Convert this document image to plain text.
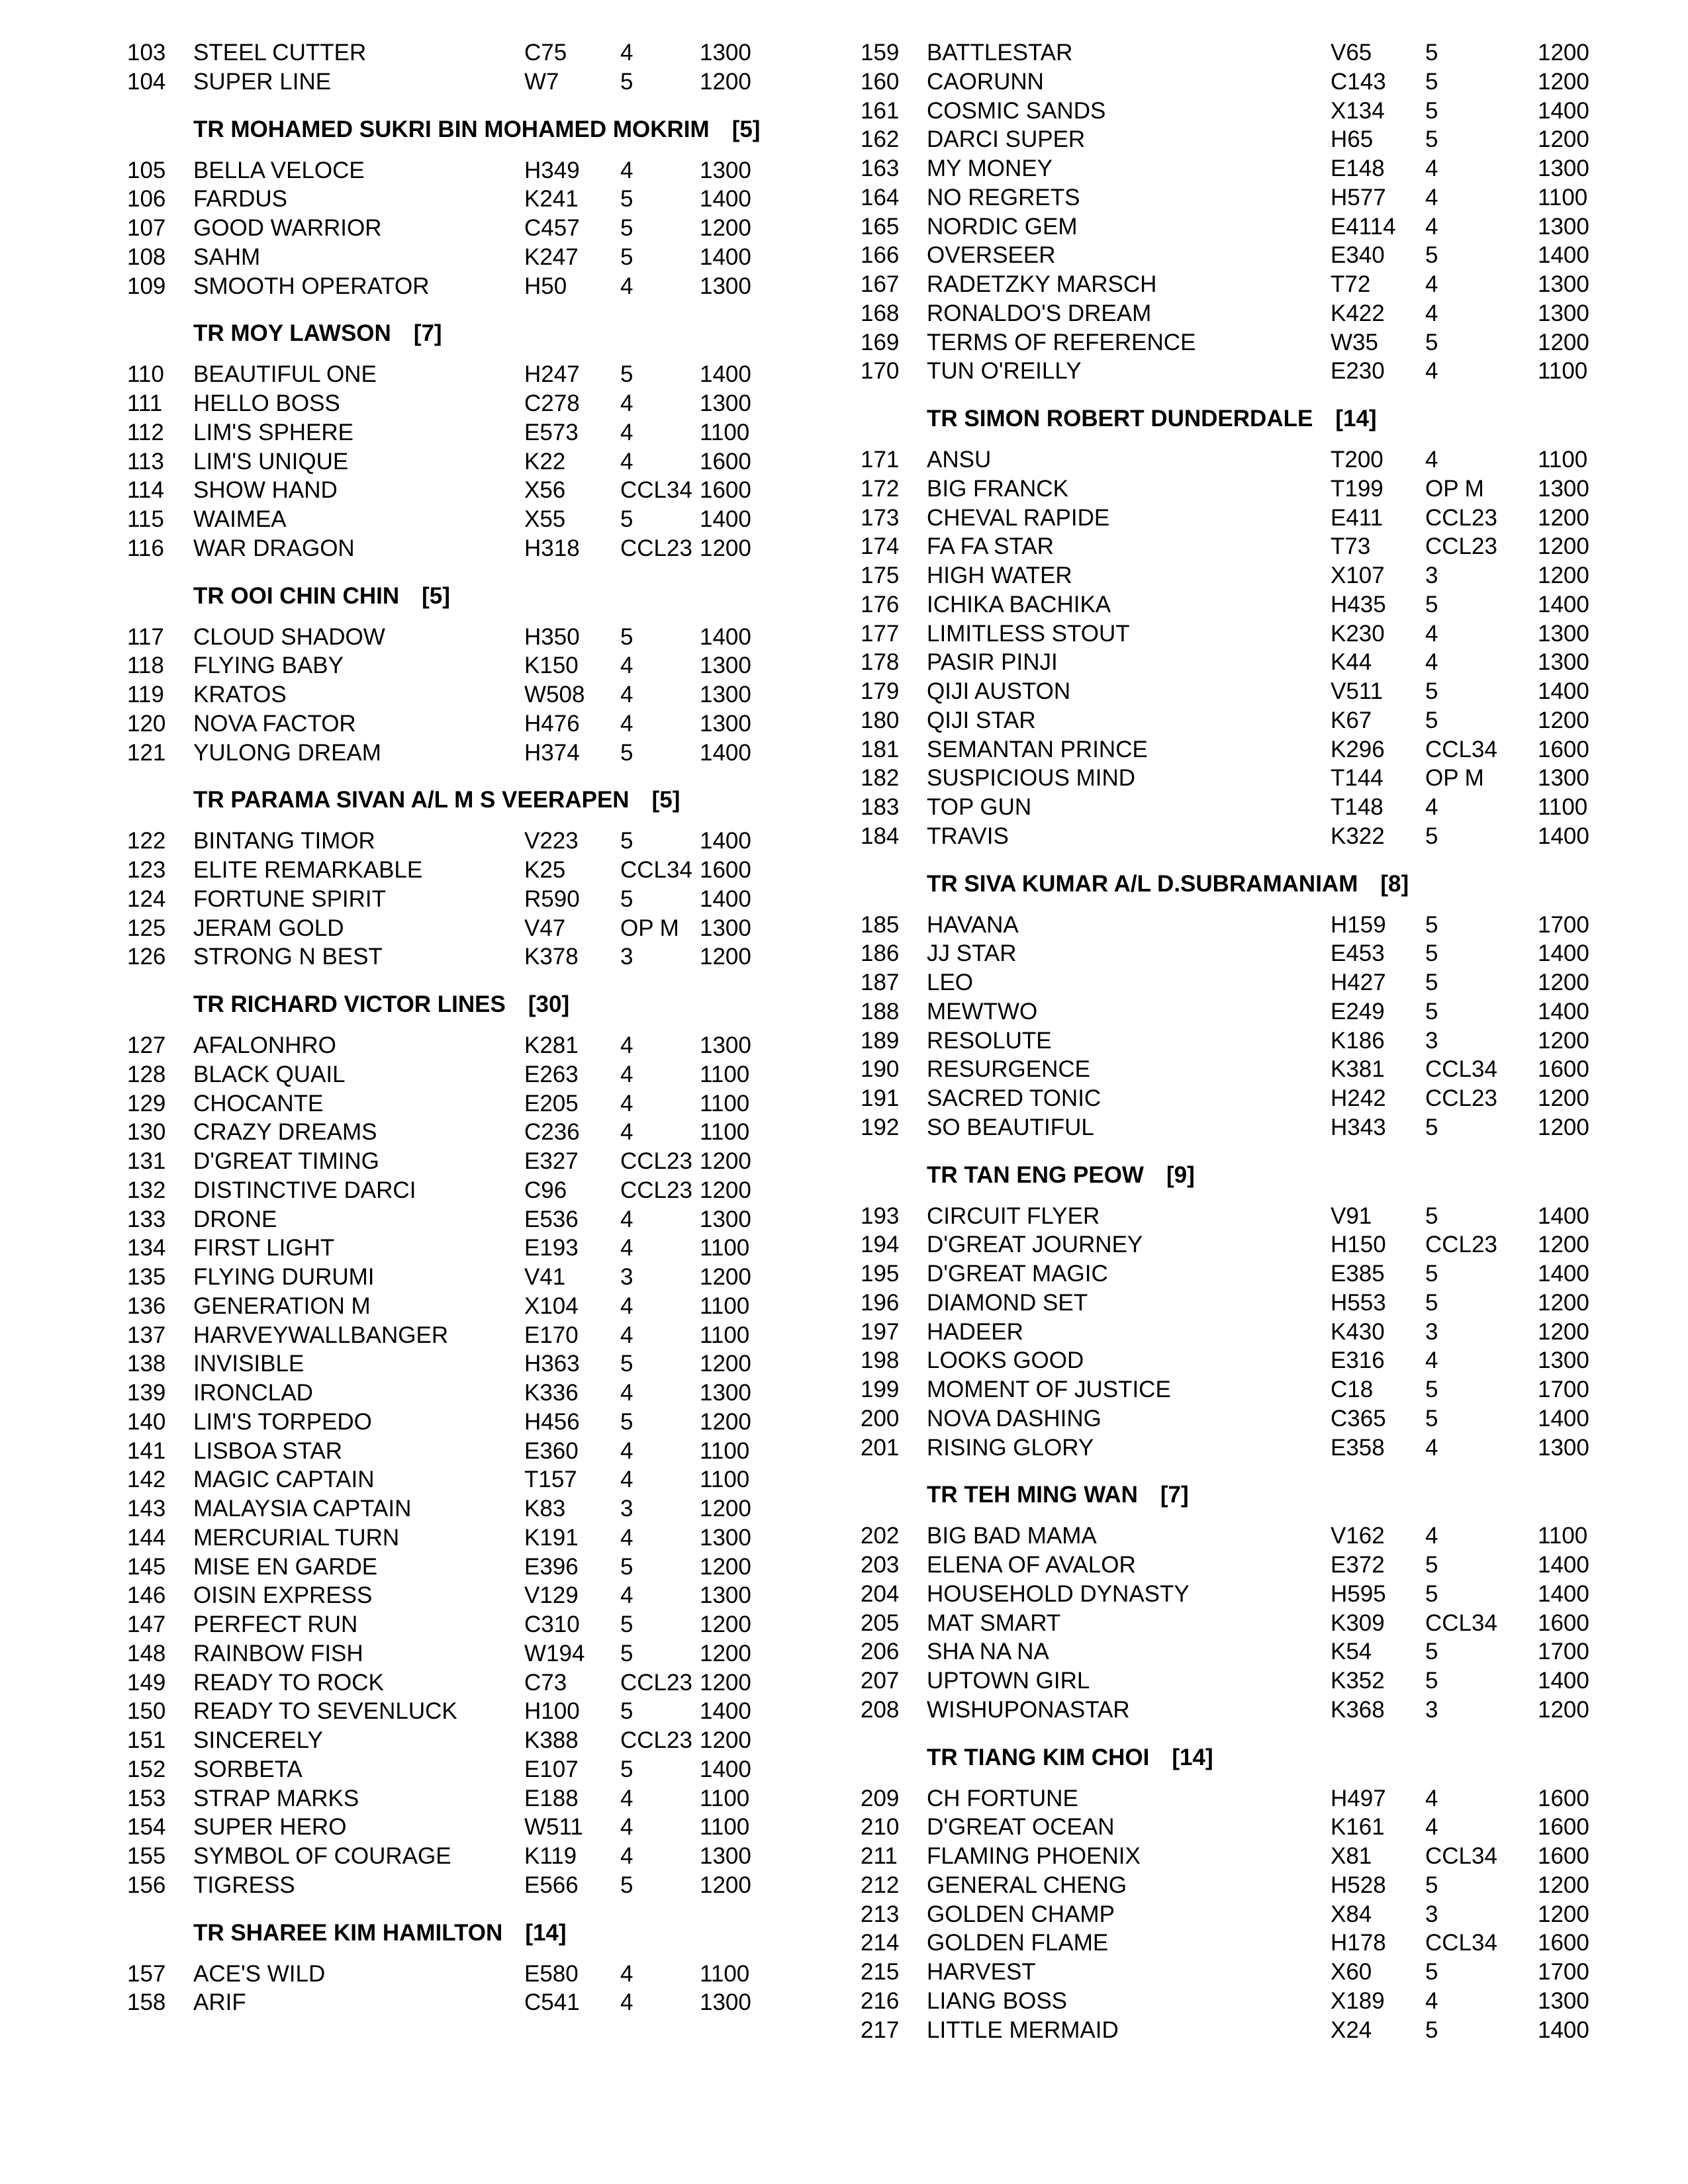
103 STEEL CUTTER	C75 4	1300
104 SUPER LINE	W7	5	1200
TR MOHAMED SUKRI BIN MOHAMED MOKRIM [5]
105 BELLA VELOCE	H349 4	1300
106 FARDUS	K241 5	1400
107 GOOD WARRIOR	C457 5	1200
108 SAHM	K247 5	1400
109 SMOOTH OPERATOR	H50 4	1300
TR MOY LAWSON [7]
110 BEAUTIFUL ONE	H247 5	1400
111 HELLO BOSS	C278 4	1300
112 LIM'S SPHERE	E573 4	1100
113 LIM'S UNIQUE	K22 4	1600
114 SHOW HAND	X56 CCL34 1600
115 WAIMEA	X55 5	1400
116 WAR DRAGON	H318 CCL23 1200
TR OOI CHIN CHIN [5]
117 CLOUD SHADOW	H350 5	1400
118 FLYING BABY	K150 4	1300
119 KRATOS	W508 4	1300
120 NOVA FACTOR	H476 4	1300
121 YULONG DREAM	H374 5	1400
TR PARAMA SIVAN A/L M S VEERAPEN [5]
122 BINTANG TIMOR	V223 5	1400
123 ELITE REMARKABLE	K25 CCL34 1600
124 FORTUNE SPIRIT	R590 5	1400
125 JERAM GOLD	V47 OP M 1300
126 STRONG N BEST	K378 3	1200
TR RICHARD VICTOR LINES [30]
127 AFALONHRO	K281 4	1300
128 BLACK QUAIL	E263 4	1100
129 CHOCANTE	E205 4	1100
130 CRAZY DREAMS	C236 4	1100
131 D'GREAT TIMING	E327 CCL23 1200
132 DISTINCTIVE DARCI	C96 CCL23 1200
133 DRONE	E536 4	1300
134 FIRST LIGHT	E193 4	1100
135 FLYING DURUMI	V41 3	1200
136 GENERATION M	X104 4	1100
137 HARVEYWALLBANGER	E170 4	1100
138 INVISIBLE	H363 5	1200
139 IRONCLAD	K336 4	1300
140 LIM'S TORPEDO	H456 5	1200
141 LISBOA STAR	E360 4	1100
142 MAGIC CAPTAIN	T157 4	1100
143 MALAYSIA CAPTAIN	K83 3	1200
144 MERCURIAL TURN	K191 4	1300
145 MISE EN GARDE	E396 5	1200
146 OISIN EXPRESS	V129 4	1300
147 PERFECT RUN	C310 5	1200
148 RAINBOW FISH	W194 5	1200
149 READY TO ROCK	C73 CCL23 1200
150 READY TO SEVENLUCK	H100 5	1400
151 SINCERELY	K388 CCL23 1200
152 SORBETA	E107 5	1400
153 STRAP MARKS	E188 4	1100
154 SUPER HERO	W511 4	1100
155 SYMBOL OF COURAGE	K119 4	1300
156 TIGRESS	E566 5	1200
TR SHAREE KIM HAMILTON [14]
157 ACE'S WILD	E580 4	1100
158 ARIF	C541 4	1300
159 BATTLESTAR	V65 5	1200
160 CAORUNN	C143 5	1200
161 COSMIC SANDS	X134 5	1400
162 DARCI SUPER	H65 5	1200
163 MY MONEY	E148 4	1300
164 NO REGRETS	H577 4	1100
165 NORDIC GEM	E4114 4	1300
166 OVERSEER	E340 5	1400
167 RADETZKY MARSCH	T72 4	1300
168 RONALDO'S DREAM	K422 4	1300
169 TERMS OF REFERENCE	W35 5	1200
170 TUN O'REILLY	E230 4	1100
TR SIMON ROBERT DUNDERDALE [14]
171 ANSU	T200 4	1100
172 BIG FRANCK	T199 OP M 1300
173 CHEVAL RAPIDE	E411 CCL23 1200
174 FA FA STAR	T73 CCL23 1200
175 HIGH WATER	X107 3	1200
176 ICHIKA BACHIKA	H435 5	1400
177 LIMITLESS STOUT	K230 4	1300
178 PASIR PINJI	K44 4	1300
179 QIJI AUSTON	V511 5	1400
180 QIJI STAR	K67 5	1200
181 SEMANTAN PRINCE	K296 CCL34 1600
182 SUSPICIOUS MIND	T144 OP M 1300
183 TOP GUN	T148 4	1100
184 TRAVIS	K322 5	1400
TR SIVA KUMAR A/L D.SUBRAMANIAM [8]
185 HAVANA	H159 5	1700
186 JJ STAR	E453 5	1400
187 LEO	H427 5	1200
188 MEWTWO	E249 5	1400
189 RESOLUTE	K186 3	1200
190 RESURGENCE	K381 CCL34 1600
191 SACRED TONIC	H242 CCL23 1200
192 SO BEAUTIFUL	H343 5	1200
TR TAN ENG PEOW [9]
193 CIRCUIT FLYER	V91 5	1400
194 D'GREAT JOURNEY	H150 CCL23 1200
195 D'GREAT MAGIC	E385 5	1400
196 DIAMOND SET	H553 5	1200
197 HADEER	K430 3	1200
198 LOOKS GOOD	E316 4	1300
199 MOMENT OF JUSTICE	C18 5	1700
200 NOVA DASHING	C365 5	1400
201 RISING GLORY	E358 4	1300
TR TEH MING WAN [7]
202 BIG BAD MAMA	V162 4	1100
203 ELENA OF AVALOR	E372 5	1400
204 HOUSEHOLD DYNASTY	H595 5	1400
205 MAT SMART	K309 CCL34 1600
206 SHA NA NA	K54 5	1700
207 UPTOWN GIRL	K352 5	1400
208 WISHUPONASTAR	K368 3	1200
TR TIANG KIM CHOI [14]
209 CH FORTUNE	H497 4	1600
210 D'GREAT OCEAN	K161 4	1600
211 FLAMING PHOENIX	X81 CCL34 1600
212 GENERAL CHENG	H528 5	1200
213 GOLDEN CHAMP	X84 3	1200
214 GOLDEN FLAME	H178 CCL34 1600
215 HARVEST	X60 5	1700
216 LIANG BOSS	X189 4	1300
217 LITTLE MERMAID	X24 5	1400
